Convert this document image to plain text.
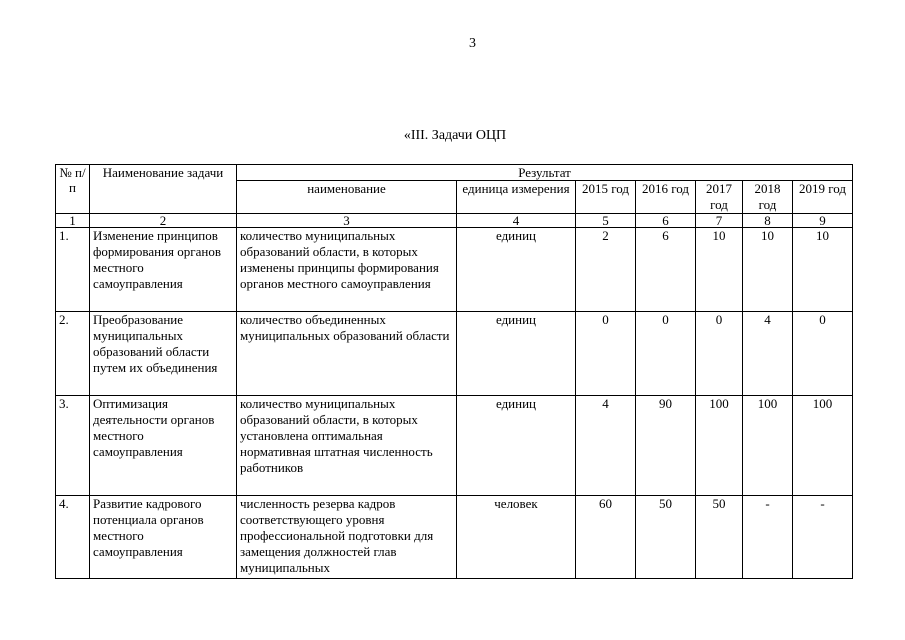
3
«III. Задачи ОЦП
№ п/п	Наименование задачи	Результат						
		наименование	единица измерения	2015 год	2016 год	2017 год	2018 год	2019 год
1	2	3	4	5	6	7	8	9
1.	Изменение принципов формирования органов местного самоуправления	количество муниципальных образований области, в которых изменены принципы формирования органов местного самоуправления	единиц	2	6	10	10	10
2.	Преобразование муниципальных образований области путем их объединения	количество объединенных муниципальных образований области	единиц	0	0	0	4	0
3.	Оптимизация деятельности органов местного самоуправления	количество муниципальных образований области, в которых установлена оптимальная нормативная штатная численность работников	единиц	4	90	100	100	100
4.	Развитие кадрового потенциала органов местного самоуправления	численность резерва кадров соответствующего уровня профессиональной подготовки для замещения должностей глав муниципальных	человек	60	50	50	-	-
